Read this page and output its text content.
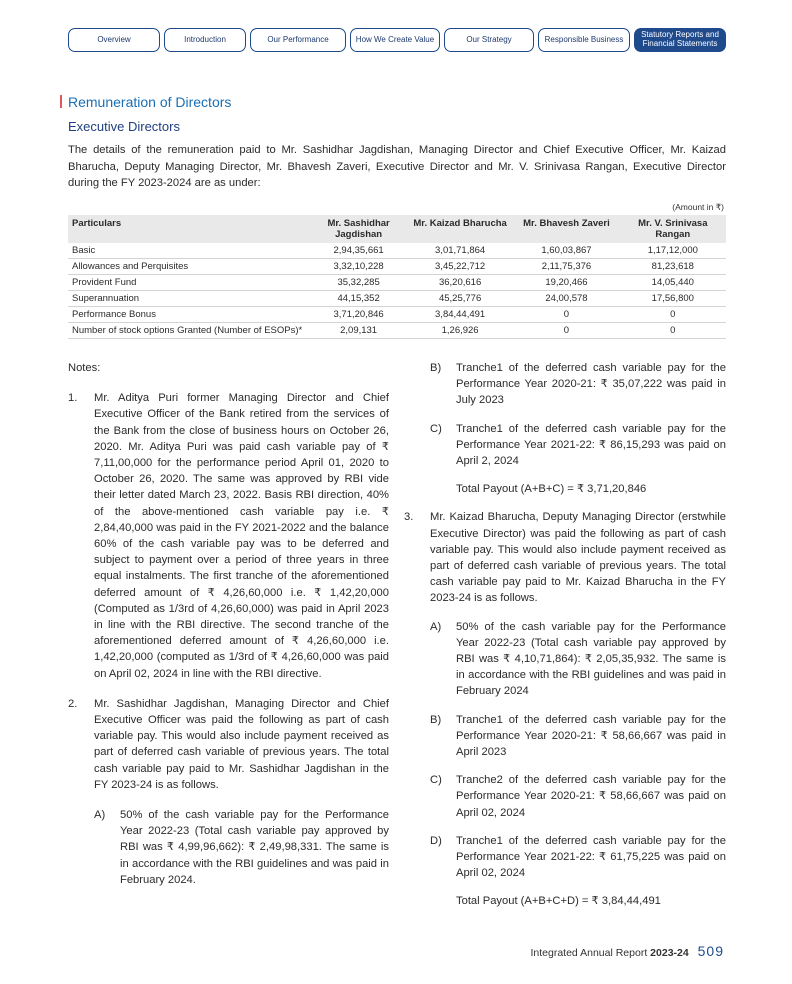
Overview	Introduction	Our Performance	How We Create Value	Our Strategy	Responsible Business	Statutory Reports and
Financial Statements
Remuneration of Directors
Executive Directors
The details of the remuneration paid to Mr. Sashidhar Jagdishan, Managing Director and Chief Executive Officer, Mr. Kaizad Bharucha, Deputy Managing Director, Mr. Bhavesh Zaveri, Executive Director and Mr. V. Srinivasa Rangan, Executive Director during the FY 2023-2024 are as under:
(Amount in ₹)
Particulars	Mr. Sashidhar Jagdishan	Mr. Kaizad Bharucha	Mr. Bhavesh Zaveri	Mr. V. Srinivasa Rangan
Basic	2,94,35,661	3,01,71,864	1,60,03,867	1,17,12,000
Allowances and Perquisites	3,32,10,228	3,45,22,712	2,11,75,376	81,23,618
Provident Fund	35,32,285	36,20,616	19,20,466	14,05,440
Superannuation	44,15,352	45,25,776	24,00,578	17,56,800
Performance Bonus	3,71,20,846	3,84,44,491	0	0
Number of stock options Granted (Number of ESOPs)*	2,09,131	1,26,926	0	0

Notes:

1. Mr. Aditya Puri former Managing Director and Chief Executive Officer of the Bank retired from the services of the Bank from the close of business hours on October 26, 2020. Mr. Aditya Puri was paid cash variable pay of ₹ 7,11,00,000 for the performance period April 01, 2020 to October 26, 2020. The same was approved by RBI vide their letter dated March 23, 2022. Basis RBI direction, 40% of the above-mentioned cash variable pay i.e. ₹ 2,84,40,000 was paid in the FY 2021-2022 and the balance 60% of the cash variable pay was to be deferred and subject to payment over a period of three years in three equal instalments. The first tranche of the aforementioned deferred amount of ₹ 4,26,60,000 i.e. ₹ 1,42,20,000 (Computed as 1/3rd of 4,26,60,000) was paid in April 2023 in line with the RBI directive. The second tranche of the aforementioned deferred amount of ₹ 4,26,60,000 i.e. 1,42,20,000 (computed as 1/3rd of ₹ 4,26,60,000 was paid on April 02, 2024 in line with the RBI directive.

2. Mr. Sashidhar Jagdishan, Managing Director and Chief Executive Officer was paid the following as part of cash variable pay. This would also include payment received as part of deferred cash variable of previous years. The total cash variable pay paid to Mr. Sashidhar Jagdishan in the FY 2023-24 is as follows.

A) 50% of the cash variable pay for the Performance Year 2022-23 (Total cash variable pay approved by RBI was ₹ 4,99,96,662): ₹ 2,49,98,331. The same is in accordance with the RBI guidelines and was paid in February 2024.

B) Tranche1 of the deferred cash variable pay for the Performance Year 2020-21: ₹ 35,07,222 was paid in July 2023

C) Tranche1 of the deferred cash variable pay for the Performance Year 2021-22: ₹ 86,15,293 was paid on April 2, 2024

Total Payout (A+B+C) = ₹ 3,71,20,846

3. Mr. Kaizad Bharucha, Deputy Managing Director (erstwhile Executive Director) was paid the following as part of cash variable pay. This would also include payment received as part of deferred cash variable of previous years. The total cash variable pay paid to Mr. Kaizad Bharucha in the FY 2023-24 is as follows.

A) 50% of the cash variable pay for the Performance Year 2022-23 (Total cash variable pay approved by RBI was ₹ 4,10,71,864): ₹ 2,05,35,932. The same is in accordance with the RBI guidelines and was paid in February 2024

B) Tranche1 of the deferred cash variable pay for the Performance Year 2020-21: ₹ 58,66,667 was paid in April 2023

C) Tranche2 of the deferred cash variable pay for the Performance Year 2020-21: ₹ 58,66,667 was paid on April 02, 2024

D) Tranche1 of the deferred cash variable pay for the Performance Year 2021-22: ₹ 61,75,225 was paid on April 02, 2024

Total Payout (A+B+C+D) = ₹ 3,84,44,491

Integrated Annual Report 2023-24 509
